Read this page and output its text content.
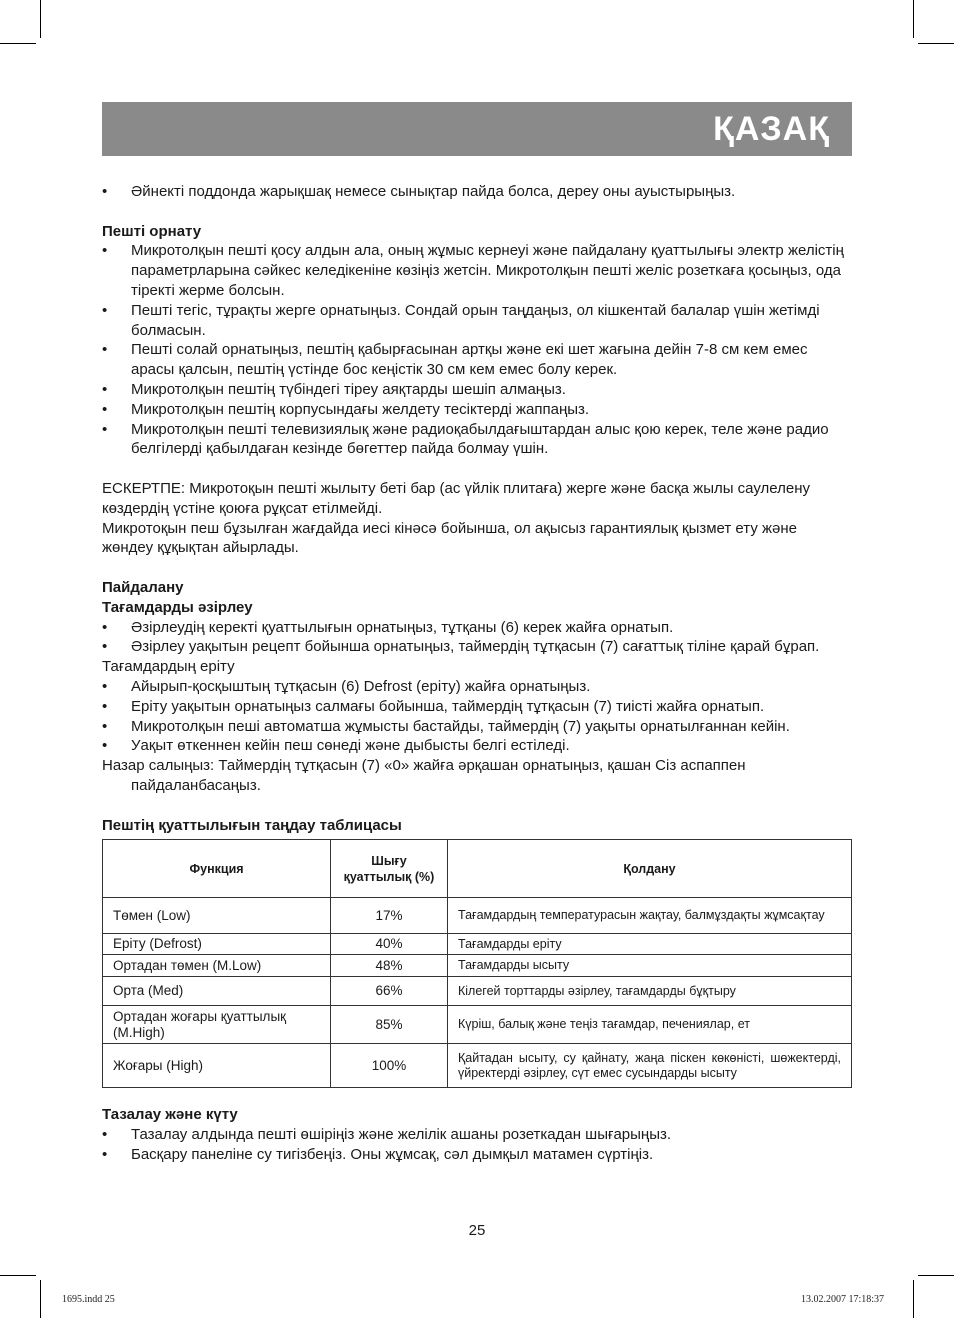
ҚАЗАҚ
• Әйнекті поддонда жарықшақ немесе сынықтар пайда болса, дереу оны ауыстырыңыз.
Пешті орнату
• Микротолқын пешті қосу алдын ала, оның жұмыс кернеуі және пайдалану қуаттылығы электр желістің параметрларына сәйкес келедікеніне көзіңіз жетсін. Микротолқын пешті желіс розеткаға қосыңыз, ода тіректі жерме болсын.
• Пешті тегіс, тұрақты жерге орнатыңыз. Сондай орын таңдаңыз, ол кішкентай балалар үшін жетімді болмасын.
• Пешті солай орнатыңыз, пештің қабырғасынан артқы және екі шет жағына дейін 7-8 см кем емес арасы қалсын, пештің үстінде бос кеңістік 30 см кем емес болу керек.
• Микротолқын пештің түбіндегі тіреу аяқтарды шешіп алмаңыз.
• Микротолқын пештің корпусындағы желдету тесіктерді жаппаңыз.
• Микротолқын пешті телевизиялық және радиоқабылдағыштардан алыс қою керек, теле және радио белгілерді қабылдаған кезінде бөгеттер пайда болмау үшін.
ЕСКЕРТПЕ: Микротоқын пешті жылыту беті бар (ас үйлік плитаға) жерге және басқа жылы саулелену көздердің үстіне қоюға рұқсат етілмейді.
Микротоқын пеш бұзылған жағдайда иесі кінәсә бойынша, ол ақысыз гарантиялық қызмет ету және жөндеу құқықтан айырлады.
Пайдалану
Тағамдарды әзірлеу
• Әзірлеудің керекті қуаттылығын орнатыңыз, тұтқаны (6) керек жайға орнатып.
• Әзірлеу уақытын рецепт бойынша орнатыңыз, таймердің тұтқасын (7) сағаттық тіліне қарай бұрап.
Тағамдардың еріту
• Айырып-қосқыштың тұтқасын (6) Defrost (еріту) жайға орнатыңыз.
• Еріту уақытын орнатыңыз салмағы бойынша, таймердің тұтқасын (7) тиісті жайға орнатып.
• Микротолқын пеші автоматша жұмысты бастайды, таймердің (7) уақыты орнатылғаннан кейін.
• Уақыт өткеннен кейін пеш сөнеді және дыбысты белгі естіледі.
Назар салыңыз: Таймердің тұтқасын (7) «0» жайға әрқашан орнатыңыз, қашан Сіз аспаппен пайдаланбасаңыз.
Пештің қуаттылығын таңдау таблицасы
Функция	Шығу қуаттылық (%)	Қолдану
Төмен (Low)	17%	Тағамдардың температурасын жақтау, балмұздақты жұмсақтау
Еріту (Defrost)	40%	Тағамдарды еріту
Ортадан төмен (M.Low)	48%	Тағамдарды ысыту
Орта (Med)	66%	Кілегей торттарды әзірлеу, тағамдарды бұқтыру
Ортадан жоғары қуаттылық (M.High)	85%	Күріш, балық және теңіз тағамдар, печениялар, ет
Жоғары (High)	100%	Қайтадан ысыту, су қайнату, жаңа піскен көкөністі, шөжектерді, үйректерді әзірлеу, сүт емес сусындарды ысыту
Тазалау және күту
• Тазалау алдында пешті өшіріңіз және желілік ашаны розеткадан шығарыңыз.
• Басқару панеліне су тигізбеңіз. Оны жұмсақ, сәл дымқыл матамен сүртіңіз.
25
1695.indd 25	13.02.2007 17:18:37
